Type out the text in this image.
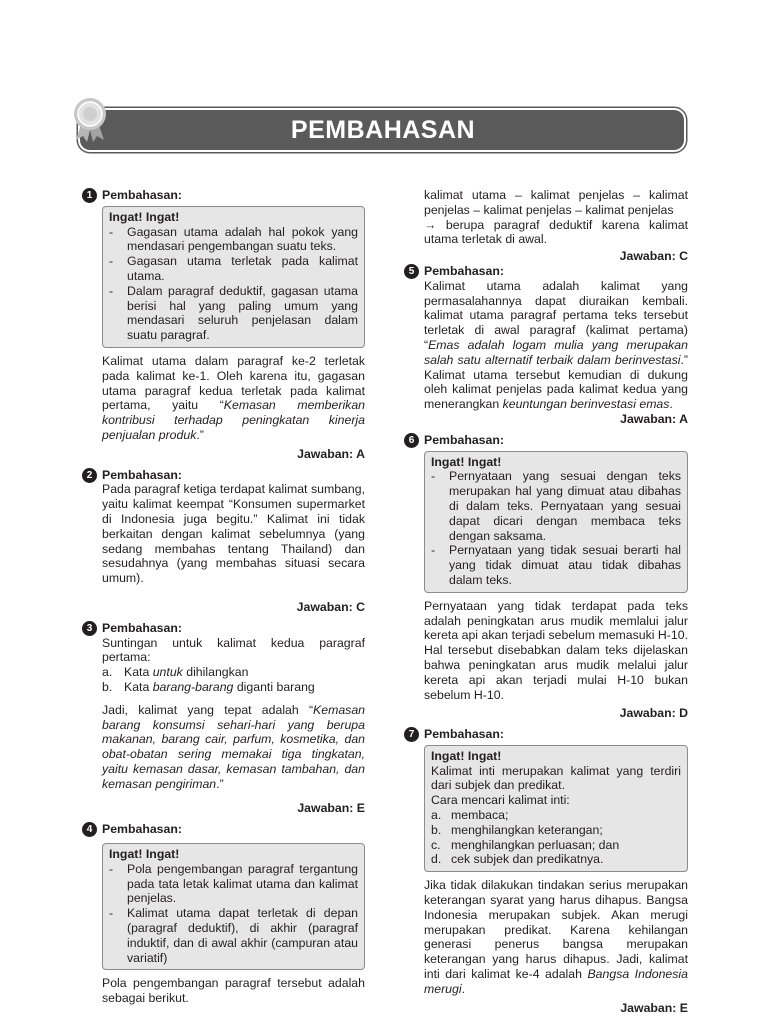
PEMBAHASAN
1 Pembahasan:
Ingat! Ingat!
-	Gagasan utama adalah hal pokok yang mendasari pengembangan suatu teks.
-	Gagasan utama terletak pada kalimat utama.
-	Dalam paragraf deduktif, gagasan utama berisi hal yang paling umum yang mendasari seluruh penjelasan dalam suatu paragraf.

Kalimat utama dalam paragraf ke-2 terletak pada kalimat ke-1. Oleh karena itu, gagasan utama paragraf kedua terletak pada kalimat pertama, yaitu “Kemasan memberikan kontribusi terhadap peningkatan kinerja penjualan produk.”

Jawaban: A
2 Pembahasan:

Pada paragraf ketiga terdapat kalimat sumbang, yaitu kalimat keempat “Konsumen supermarket di Indonesia juga begitu.” Kalimat ini tidak berkaitan dengan kalimat sebelumnya (yang sedang membahas tentang Thailand) dan sesudahnya (yang membahas situasi secara umum).

Jawaban: C
3 Pembahasan:

Suntingan untuk kalimat kedua paragraf pertama:

a. Kata untuk dihilangkan
b. Kata barang-barang diganti barang

Jadi, kalimat yang tepat adalah “Kemasan barang konsumsi sehari-hari yang berupa makanan, barang cair, parfum, kosmetika, dan obat-obatan sering memakai tiga tingkatan, yaitu kemasan dasar, kemasan tambahan, dan kemasan pengiriman.”

Jawaban: E
4 Pembahasan:
Ingat! Ingat!
-	Pola pengembangan paragraf tergantung pada tata letak kalimat utama dan kalimat penjelas.
-	Kalimat utama dapat terletak di depan (paragraf deduktif), di akhir (paragraf induktif, dan di awal akhir (campuran atau variatif)

Pola pengembangan paragraf tersebut adalah sebagai berikut.

kalimat utama – kalimat penjelas – kalimat penjelas – kalimat penjelas – kalimat penjelas

→ berupa paragraf deduktif karena kalimat utama terletak di awal.

Jawaban: C
5 Pembahasan:

Kalimat utama adalah kalimat yang permasalahannya dapat diuraikan kembali. kalimat utama paragraf pertama teks tersebut terletak di awal paragraf (kalimat pertama) “Emas adalah logam mulia yang merupakan salah satu alternatif terbaik dalam berinvestasi.” Kalimat utama tersebut kemudian di dukung oleh kalimat penjelas pada kalimat kedua yang menerangkan keuntungan berinvestasi emas.

Jawaban: A
6 Pembahasan:
Ingat! Ingat!
-	Pernyataan yang sesuai dengan teks merupakan hal yang dimuat atau dibahas di dalam teks. Pernyataan yang sesuai dapat dicari dengan membaca teks dengan saksama.
-	Pernyataan yang tidak sesuai berarti hal yang tidak dimuat atau tidak dibahas dalam teks.

Pernyataan yang tidak terdapat pada teks adalah peningkatan arus mudik memlalui jalur kereta api akan terjadi sebelum memasuki H-10. Hal tersebut disebabkan dalam teks dijelaskan bahwa peningkatan arus mudik melalui jalur kereta api akan terjadi mulai H-10 bukan sebelum H-10.

Jawaban: D
7 Pembahasan:
Ingat! Ingat!

Kalimat inti merupakan kalimat yang terdiri dari subjek dan predikat.

Cara mencari kalimat inti:

a. membaca;
b. menghilangkan keterangan;
c. menghilangkan perluasan; dan
d. cek subjek dan predikatnya.

Jika tidak dilakukan tindakan serius merupakan keterangan syarat yang harus dihapus. Bangsa Indonesia merupakan subjek. Akan merugi merupakan predikat. Karena kehilangan generasi penerus bangsa merupakan keterangan yang harus dihapus. Jadi, kalimat inti dari kalimat ke-4 adalah Bangsa Indonesia merugi.

Jawaban: E
